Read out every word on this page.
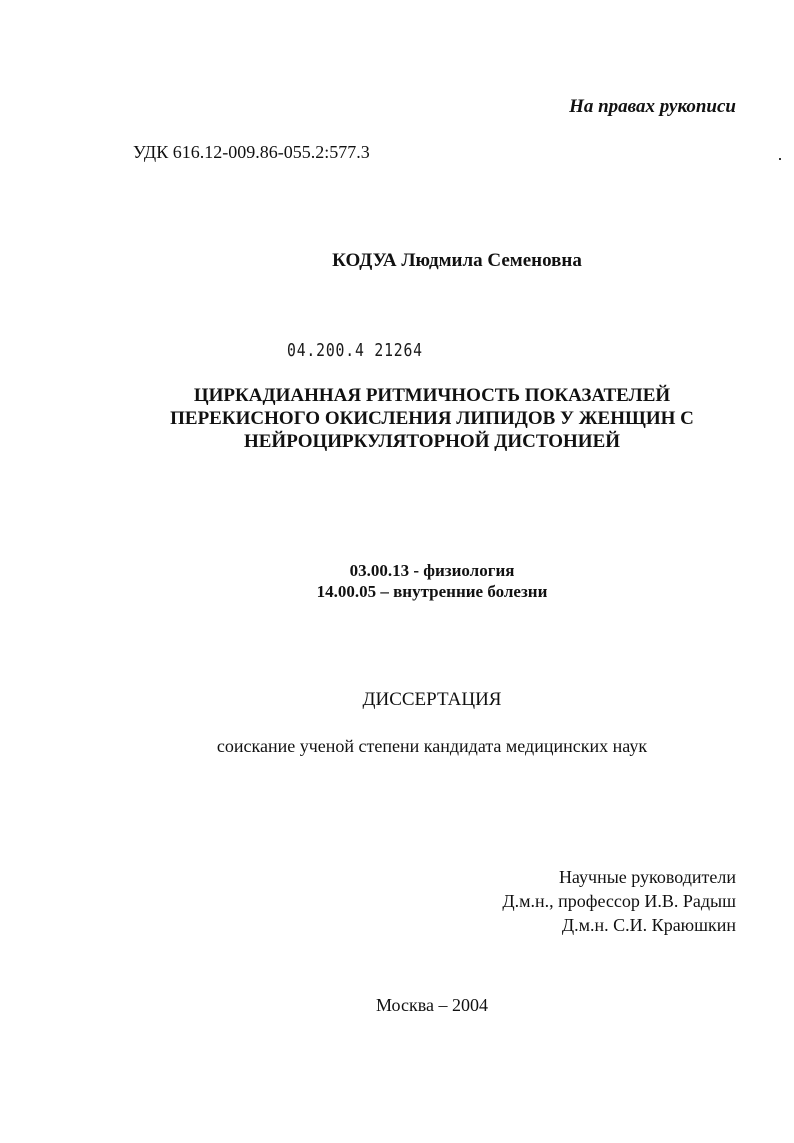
На правах рукописи
УДК 616.12-009.86-055.2:577.3
КОДУА Людмила Семеновна
04.200.4 21264
ЦИРКАДИАННАЯ РИТМИЧНОСТЬ ПОКАЗАТЕЛЕЙ
ПЕРЕКИСНОГО ОКИСЛЕНИЯ ЛИПИДОВ У ЖЕНЩИН С
НЕЙРОЦИРКУЛЯТОРНОЙ ДИСТОНИЕЙ
03.00.13 - физиология
14.00.05 – внутренние болезни
ДИССЕРТАЦИЯ
соискание ученой степени кандидата медицинских наук
Научные руководители
Д.м.н., профессор И.В. Радыш
Д.м.н. С.И. Краюшкин
Москва – 2004
